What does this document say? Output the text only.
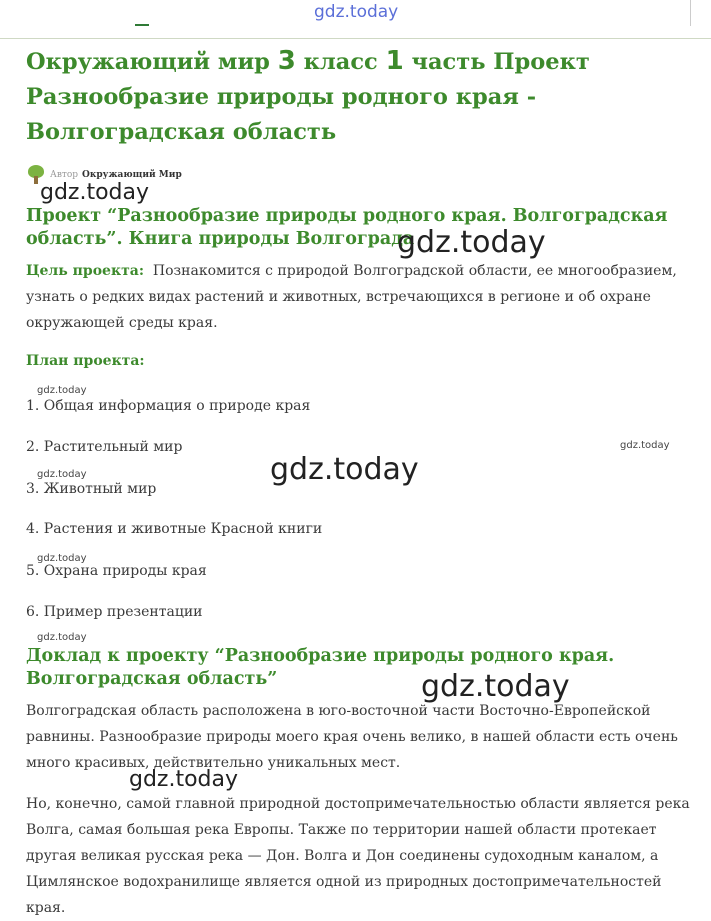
gdz.today
Окружающий мир 3 класс 1 часть Проект Разнообразие природы родного края - Волгоградская область
Автор Окружающий Мир
gdz.today
Проект “Разнообразие природы родного края. Волгоградская область”. Книга природы Волгограда
gdz.today

Цель проекта: Познакомится с природой Волгоградской области, ее многообразием, узнать о редких видах растений и животных, встречающихся в регионе и об охране окружающей среды края.

План проекта:

gdz.today

1. Общая информация о природе края

2. Растительный мир	gdz.today
gdz.today
gdz.today

3. Животный мир

4. Растения и животные Красной книги

gdz.today

5. Охрана природы края

6. Пример презентации

gdz.today
Доклад к проекту “Разнообразие природы родного края. Волгоградская область”	gdz.today

Волгоградская область расположена в юго-восточной части Восточно-Европейской равнины. Разнообразие природы моего края очень велико, в нашей области есть очень много красивых, действительно уникальных мест.

gdz.today

Но, конечно, самой главной природной достопримечательностью области является река Волга, самая большая река Европы. Также по территории нашей области протекает другая великая русская река — Дон. Волга и Дон соединены судоходным каналом, а Цимлянское водохранилище является одной из природных достопримечательностей края.
